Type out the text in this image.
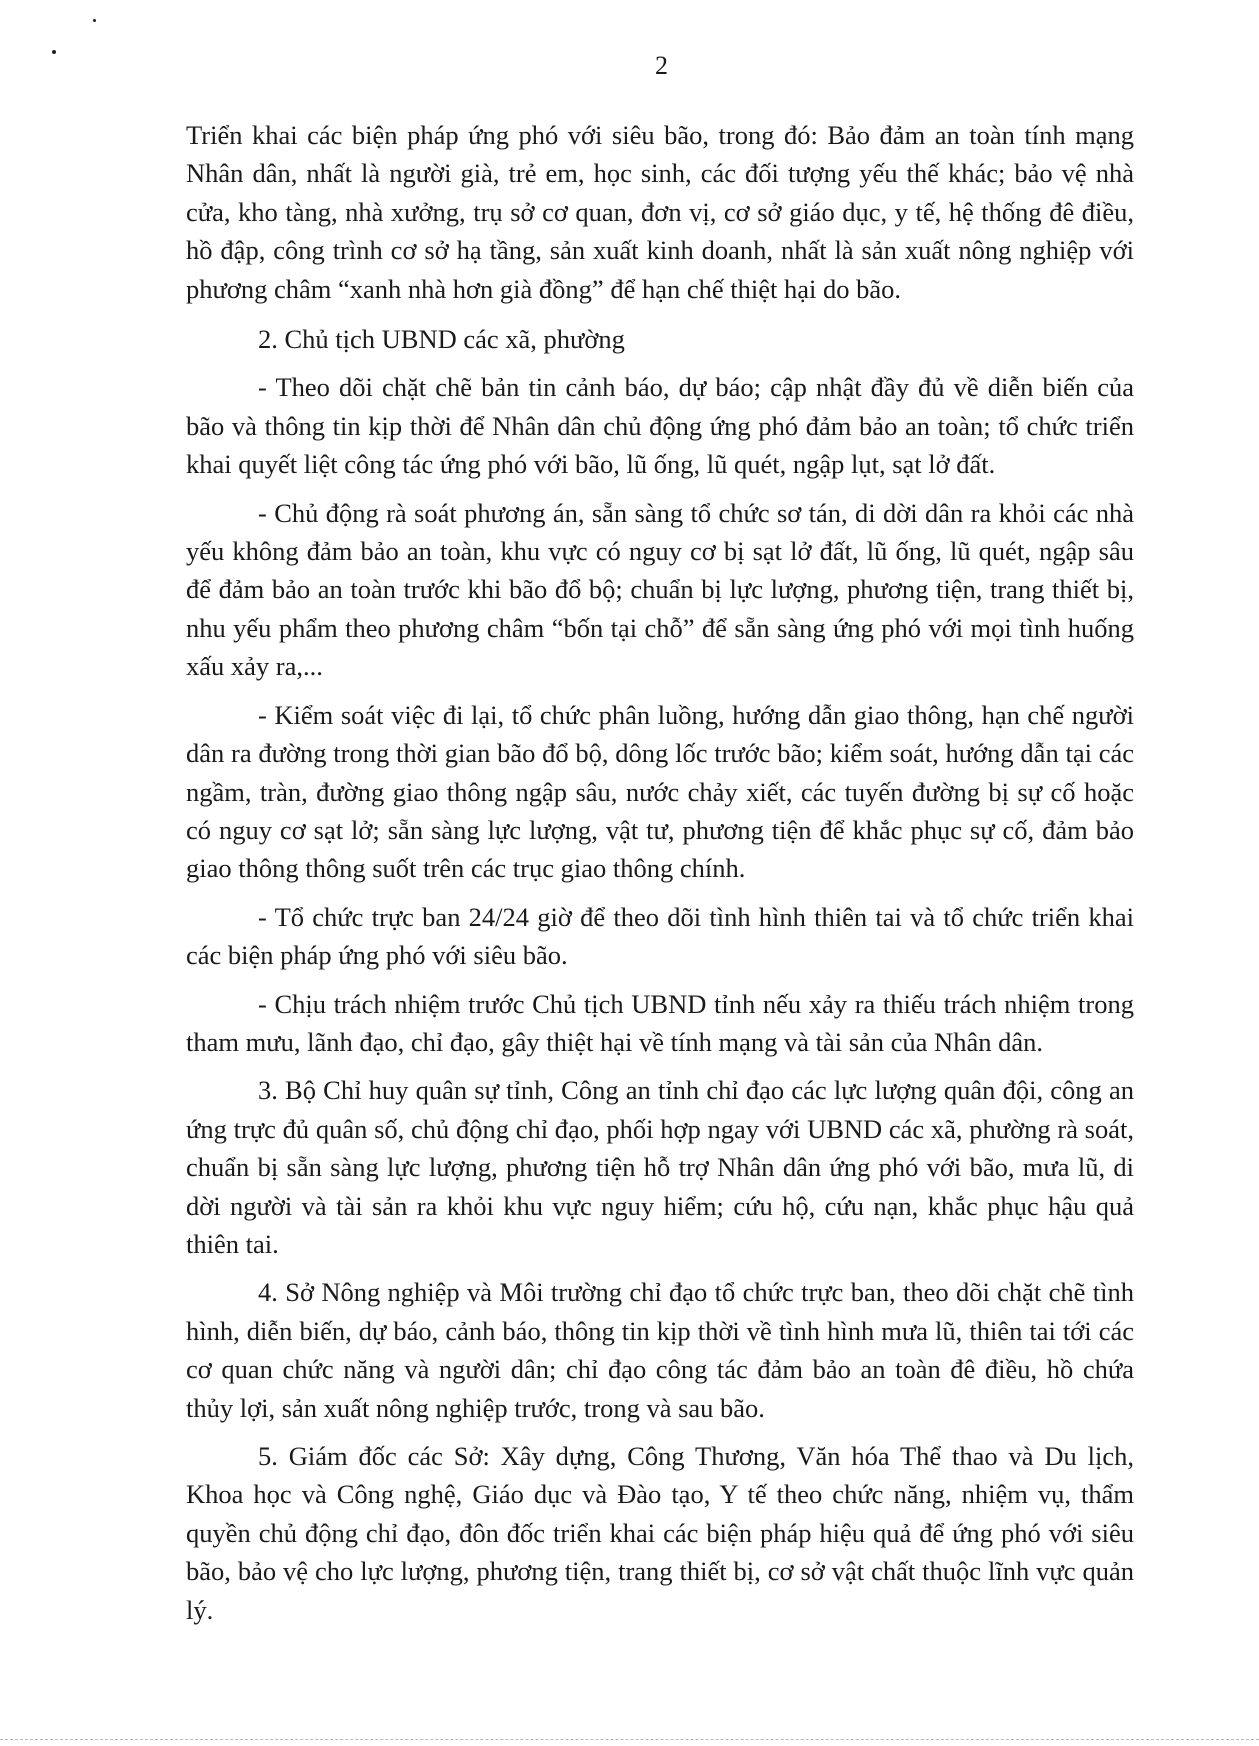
2

Triển khai các biện pháp ứng phó với siêu bão, trong đó: Bảo đảm an toàn tính mạng Nhân dân, nhất là người già, trẻ em, học sinh, các đối tượng yếu thế khác; bảo vệ nhà cửa, kho tàng, nhà xưởng, trụ sở cơ quan, đơn vị, cơ sở giáo dục, y tế, hệ thống đê điều, hồ đập, công trình cơ sở hạ tầng, sản xuất kinh doanh, nhất là sản xuất nông nghiệp với phương châm “xanh nhà hơn già đồng” để hạn chế thiệt hại do bão.

2. Chủ tịch UBND các xã, phường

- Theo dõi chặt chẽ bản tin cảnh báo, dự báo; cập nhật đầy đủ về diễn biến của bão và thông tin kịp thời để Nhân dân chủ động ứng phó đảm bảo an toàn; tổ chức triển khai quyết liệt công tác ứng phó với bão, lũ ống, lũ quét, ngập lụt, sạt lở đất.

- Chủ động rà soát phương án, sẵn sàng tổ chức sơ tán, di dời dân ra khỏi các nhà yếu không đảm bảo an toàn, khu vực có nguy cơ bị sạt lở đất, lũ ống, lũ quét, ngập sâu để đảm bảo an toàn trước khi bão đổ bộ; chuẩn bị lực lượng, phương tiện, trang thiết bị, nhu yếu phẩm theo phương châm “bốn tại chỗ” để sẵn sàng ứng phó với mọi tình huống xấu xảy ra,...

- Kiểm soát việc đi lại, tổ chức phân luồng, hướng dẫn giao thông, hạn chế người dân ra đường trong thời gian bão đổ bộ, dông lốc trước bão; kiểm soát, hướng dẫn tại các ngầm, tràn, đường giao thông ngập sâu, nước chảy xiết, các tuyến đường bị sự cố hoặc có nguy cơ sạt lở; sẵn sàng lực lượng, vật tư, phương tiện để khắc phục sự cố, đảm bảo giao thông thông suốt trên các trục giao thông chính.

- Tổ chức trực ban 24/24 giờ để theo dõi tình hình thiên tai và tổ chức triển khai các biện pháp ứng phó với siêu bão.

- Chịu trách nhiệm trước Chủ tịch UBND tỉnh nếu xảy ra thiếu trách nhiệm trong tham mưu, lãnh đạo, chỉ đạo, gây thiệt hại về tính mạng và tài sản của Nhân dân.

3. Bộ Chỉ huy quân sự tỉnh, Công an tỉnh chỉ đạo các lực lượng quân đội, công an ứng trực đủ quân số, chủ động chỉ đạo, phối hợp ngay với UBND các xã, phường rà soát, chuẩn bị sẵn sàng lực lượng, phương tiện hỗ trợ Nhân dân ứng phó với bão, mưa lũ, di dời người và tài sản ra khỏi khu vực nguy hiểm; cứu hộ, cứu nạn, khắc phục hậu quả thiên tai.

4. Sở Nông nghiệp và Môi trường chỉ đạo tổ chức trực ban, theo dõi chặt chẽ tình hình, diễn biến, dự báo, cảnh báo, thông tin kịp thời về tình hình mưa lũ, thiên tai tới các cơ quan chức năng và người dân; chỉ đạo công tác đảm bảo an toàn đê điều, hồ chứa thủy lợi, sản xuất nông nghiệp trước, trong và sau bão.

5. Giám đốc các Sở: Xây dựng, Công Thương, Văn hóa Thể thao và Du lịch, Khoa học và Công nghệ, Giáo dục và Đào tạo, Y tế theo chức năng, nhiệm vụ, thẩm quyền chủ động chỉ đạo, đôn đốc triển khai các biện pháp hiệu quả để ứng phó với siêu bão, bảo vệ cho lực lượng, phương tiện, trang thiết bị, cơ sở vật chất thuộc lĩnh vực quản lý.
